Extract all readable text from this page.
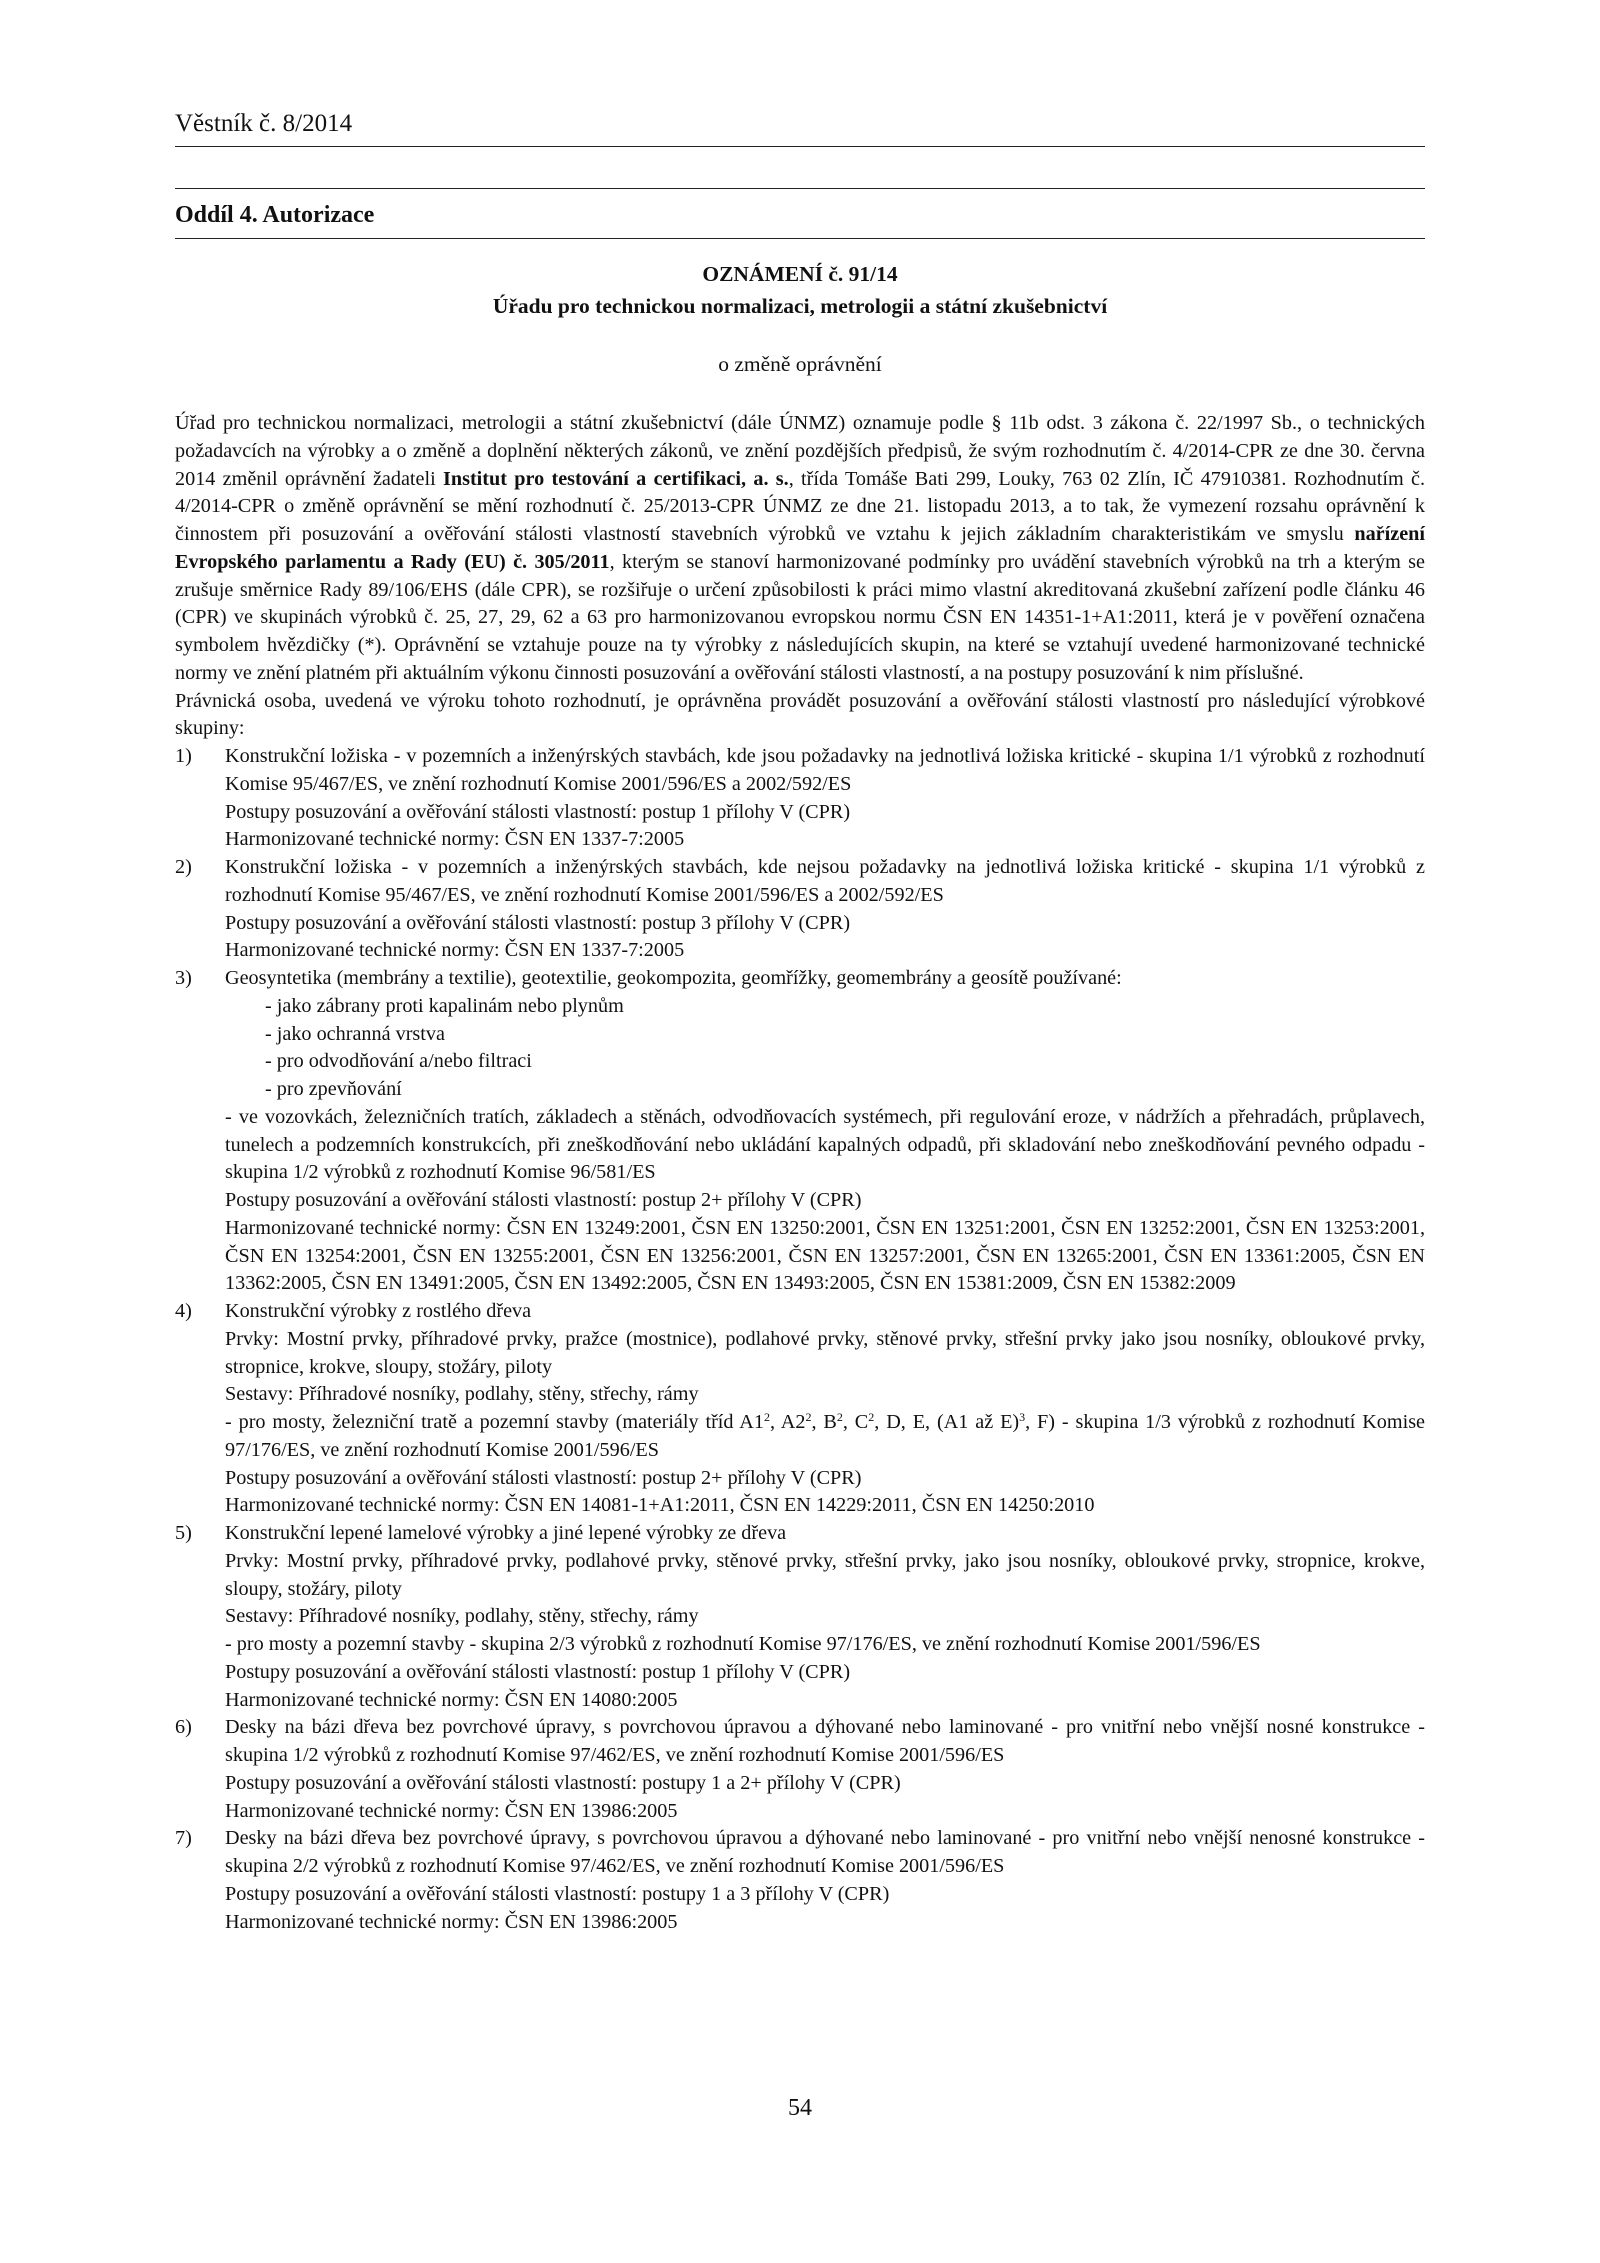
Věstník č. 8/2014
Oddíl 4. Autorizace
OZNÁMENÍ č. 91/14
Úřadu pro technickou normalizaci, metrologii a státní zkušebnictví
o změně oprávnění

Úřad pro technickou normalizaci, metrologii a státní zkušebnictví (dále ÚNMZ) oznamuje podle § 11b odst. 3 zákona č. 22/1997 Sb., o technických požadavcích na výrobky a o změně a doplnění některých zákonů, ve znění pozdějších předpisů, že svým rozhodnutím č. 4/2014-CPR ze dne 30. června 2014 změnil oprávnění žadateli Institut pro testování a certifikaci, a. s., třída Tomáše Bati 299, Louky, 763 02 Zlín, IČ 47910381. Rozhodnutím č. 4/2014-CPR o změně oprávnění se mění rozhodnutí č. 25/2013-CPR ÚNMZ ze dne 21. listopadu 2013, a to tak, že vymezení rozsahu oprávnění k činnostem při posuzování a ověřování stálosti vlastností stavebních výrobků ve vztahu k jejich základním charakteristikám ve smyslu nařízení Evropského parlamentu a Rady (EU) č. 305/2011, kterým se stanoví harmonizované podmínky pro uvádění stavebních výrobků na trh a kterým se zrušuje směrnice Rady 89/106/EHS (dále CPR), se rozšiřuje o určení způsobilosti k práci mimo vlastní akreditovaná zkušební zařízení podle článku 46 (CPR) ve skupinách výrobků č. 25, 27, 29, 62 a 63 pro harmonizovanou evropskou normu ČSN EN 14351-1+A1:2011, která je v pověření označena symbolem hvězdičky (*). Oprávnění se vztahuje pouze na ty výrobky z následujících skupin, na které se vztahují uvedené harmonizované technické normy ve znění platném při aktuálním výkonu činnosti posuzování a ověřování stálosti vlastností, a na postupy posuzování k nim příslušné.

Právnická osoba, uvedená ve výroku tohoto rozhodnutí, je oprávněna provádět posuzování a ověřování stálosti vlastností pro následující výrobkové skupiny:

1)	Konstrukční ložiska - v pozemních a inženýrských stavbách, kde jsou požadavky na jednotlivá ložiska kritické - skupina 1/1 výrobků z rozhodnutí Komise 95/467/ES, ve znění rozhodnutí Komise 2001/596/ES a 2002/592/ES

Postupy posuzování a ověřování stálosti vlastností: postup 1 přílohy V (CPR)

Harmonizované technické normy: ČSN EN 1337-7:2005

2)	Konstrukční ložiska - v pozemních a inženýrských stavbách, kde nejsou požadavky na jednotlivá ložiska kritické - skupina 1/1 výrobků z rozhodnutí Komise 95/467/ES, ve znění rozhodnutí Komise 2001/596/ES a 2002/592/ES

Postupy posuzování a ověřování stálosti vlastností: postup 3 přílohy V (CPR)

Harmonizované technické normy: ČSN EN 1337-7:2005

3)	Geosyntetika (membrány a textilie), geotextilie, geokompozita, geomřížky, geomembrány a geosítě používané:

- jako zábrany proti kapalinám nebo plynům

- jako ochranná vrstva

- pro odvodňování a/nebo filtraci

- pro zpevňování

- ve vozovkách, železničních tratích, základech a stěnách, odvodňovacích systémech, při regulování eroze, v nádržích a přehradách, průplavech, tunelech a podzemních konstrukcích, při zneškodňování nebo ukládání kapalných odpadů, při skladování nebo zneškodňování pevného odpadu - skupina 1/2 výrobků z rozhodnutí Komise 96/581/ES

Postupy posuzování a ověřování stálosti vlastností: postup 2+ přílohy V (CPR)

Harmonizované technické normy: ČSN EN 13249:2001, ČSN EN 13250:2001, ČSN EN 13251:2001, ČSN EN 13252:2001, ČSN EN 13253:2001, ČSN EN 13254:2001, ČSN EN 13255:2001, ČSN EN 13256:2001, ČSN EN 13257:2001, ČSN EN 13265:2001, ČSN EN 13361:2005, ČSN EN 13362:2005, ČSN EN 13491:2005, ČSN EN 13492:2005, ČSN EN 13493:2005, ČSN EN 15381:2009, ČSN EN 15382:2009

4)	Konstrukční výrobky z rostlého dřeva

Prvky: Mostní prvky, příhradové prvky, pražce (mostnice), podlahové prvky, stěnové prvky, střešní prvky jako jsou nosníky, obloukové prvky, stropnice, krokve, sloupy, stožáry, piloty

Sestavy: Příhradové nosníky, podlahy, stěny, střechy, rámy

- pro mosty, železniční tratě a pozemní stavby (materiály tříd $A1^2$, $A2^2$, $B^2$, $C^2$, D, E, (A1 až E)$^3$, F) - skupina 1/3 výrobků z rozhodnutí Komise 97/176/ES, ve znění rozhodnutí Komise 2001/596/ES

Postupy posuzování a ověřování stálosti vlastností: postup 2+ přílohy V (CPR)

Harmonizované technické normy: ČSN EN 14081-1+A1:2011, ČSN EN 14229:2011, ČSN EN 14250:2010

5)	Konstrukční lepené lamelové výrobky a jiné lepené výrobky ze dřeva

Prvky: Mostní prvky, příhradové prvky, podlahové prvky, stěnové prvky, střešní prvky, jako jsou nosníky, obloukové prvky, stropnice, krokve, sloupy, stožáry, piloty

Sestavy: Příhradové nosníky, podlahy, stěny, střechy, rámy

- pro mosty a pozemní stavby - skupina 2/3 výrobků z rozhodnutí Komise 97/176/ES, ve znění rozhodnutí Komise 2001/596/ES

Postupy posuzování a ověřování stálosti vlastností: postup 1 přílohy V (CPR)

Harmonizované technické normy: ČSN EN 14080:2005

6)	Desky na bázi dřeva bez povrchové úpravy, s povrchovou úpravou a dýhované nebo laminované - pro vnitřní nebo vnější nosné konstrukce - skupina 1/2 výrobků z rozhodnutí Komise 97/462/ES, ve znění rozhodnutí Komise 2001/596/ES

Postupy posuzování a ověřování stálosti vlastností: postupy 1 a 2+ přílohy V (CPR)

Harmonizované technické normy: ČSN EN 13986:2005

7)	Desky na bázi dřeva bez povrchové úpravy, s povrchovou úpravou a dýhované nebo laminované - pro vnitřní nebo vnější nenosné konstrukce - skupina 2/2 výrobků z rozhodnutí Komise 97/462/ES, ve znění rozhodnutí Komise 2001/596/ES

Postupy posuzování a ověřování stálosti vlastností: postupy 1 a 3 přílohy V (CPR)

Harmonizované technické normy: ČSN EN 13986:2005

54
